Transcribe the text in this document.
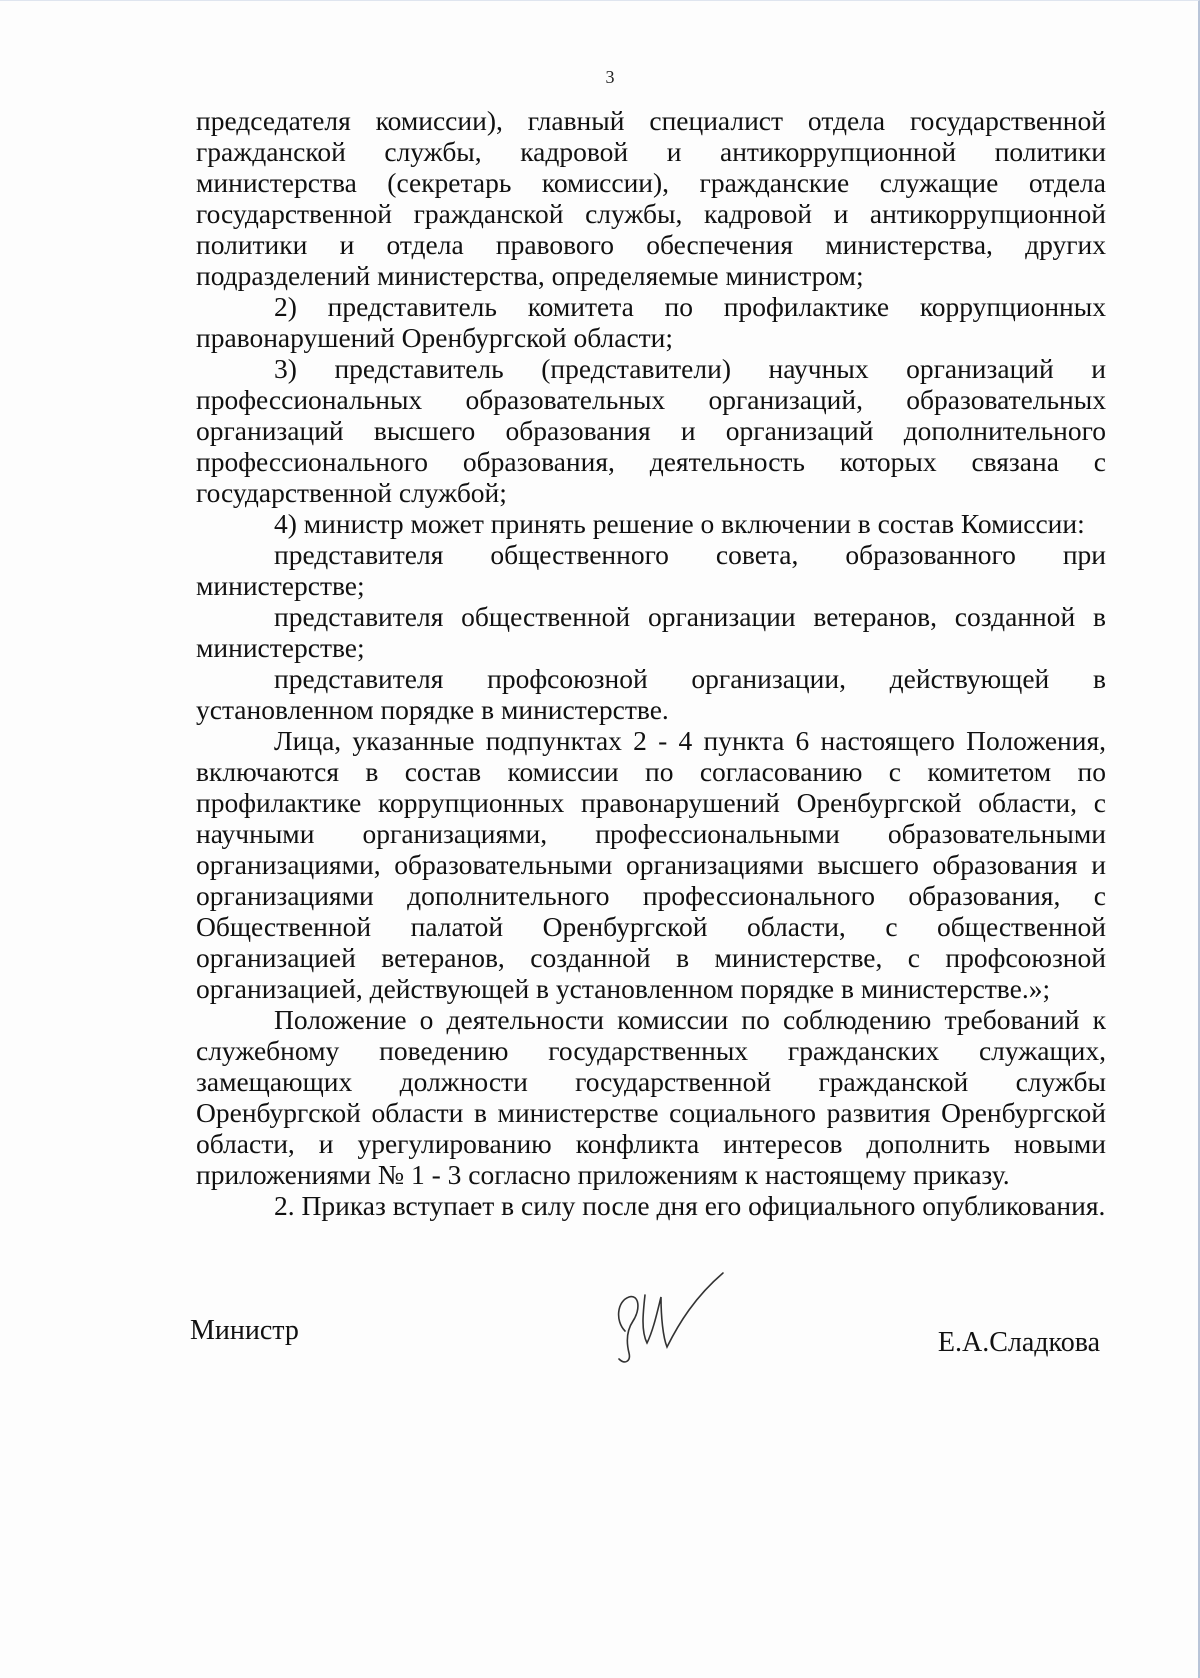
3

председателя комиссии), главный специалист отдела государственной гражданской службы, кадровой и антикоррупционной политики министерства (секретарь комиссии), гражданские служащие отдела государственной гражданской службы, кадровой и антикоррупционной политики и отдела правового обеспечения министерства, других подразделений министерства, определяемые министром;

2) представитель комитета по профилактике коррупционных правонарушений Оренбургской области;

3) представитель (представители) научных организаций и профессиональных образовательных организаций, образовательных организаций высшего образования и организаций дополнительного профессионального образования, деятельность которых связана с государственной службой;

4) министр может принять решение о включении в состав Комиссии:

представителя общественного совета, образованного при министерстве;

представителя общественной организации ветеранов, созданной в министерстве;

представителя профсоюзной организации, действующей в установленном порядке в министерстве.

Лица, указанные подпунктах 2 - 4 пункта 6 настоящего Положения, включаются в состав комиссии по согласованию с комитетом по профилактике коррупционных правонарушений Оренбургской области, с научными организациями, профессиональными образовательными организациями, образовательными организациями высшего образования и организациями дополнительного профессионального образования, с Общественной палатой Оренбургской области, с общественной организацией ветеранов, созданной в министерстве, с профсоюзной организацией, действующей в установленном порядке в министерстве.»;

Положение о деятельности комиссии по соблюдению требований к служебному поведению государственных гражданских служащих, замещающих должности государственной гражданской службы Оренбургской области в министерстве социального развития Оренбургской области, и урегулированию конфликта интересов дополнить новыми приложениями № 1 - 3 согласно приложениям к настоящему приказу.

2. Приказ вступает в силу после дня его официального опубликования.

Министр	Е.А.Сладкова
